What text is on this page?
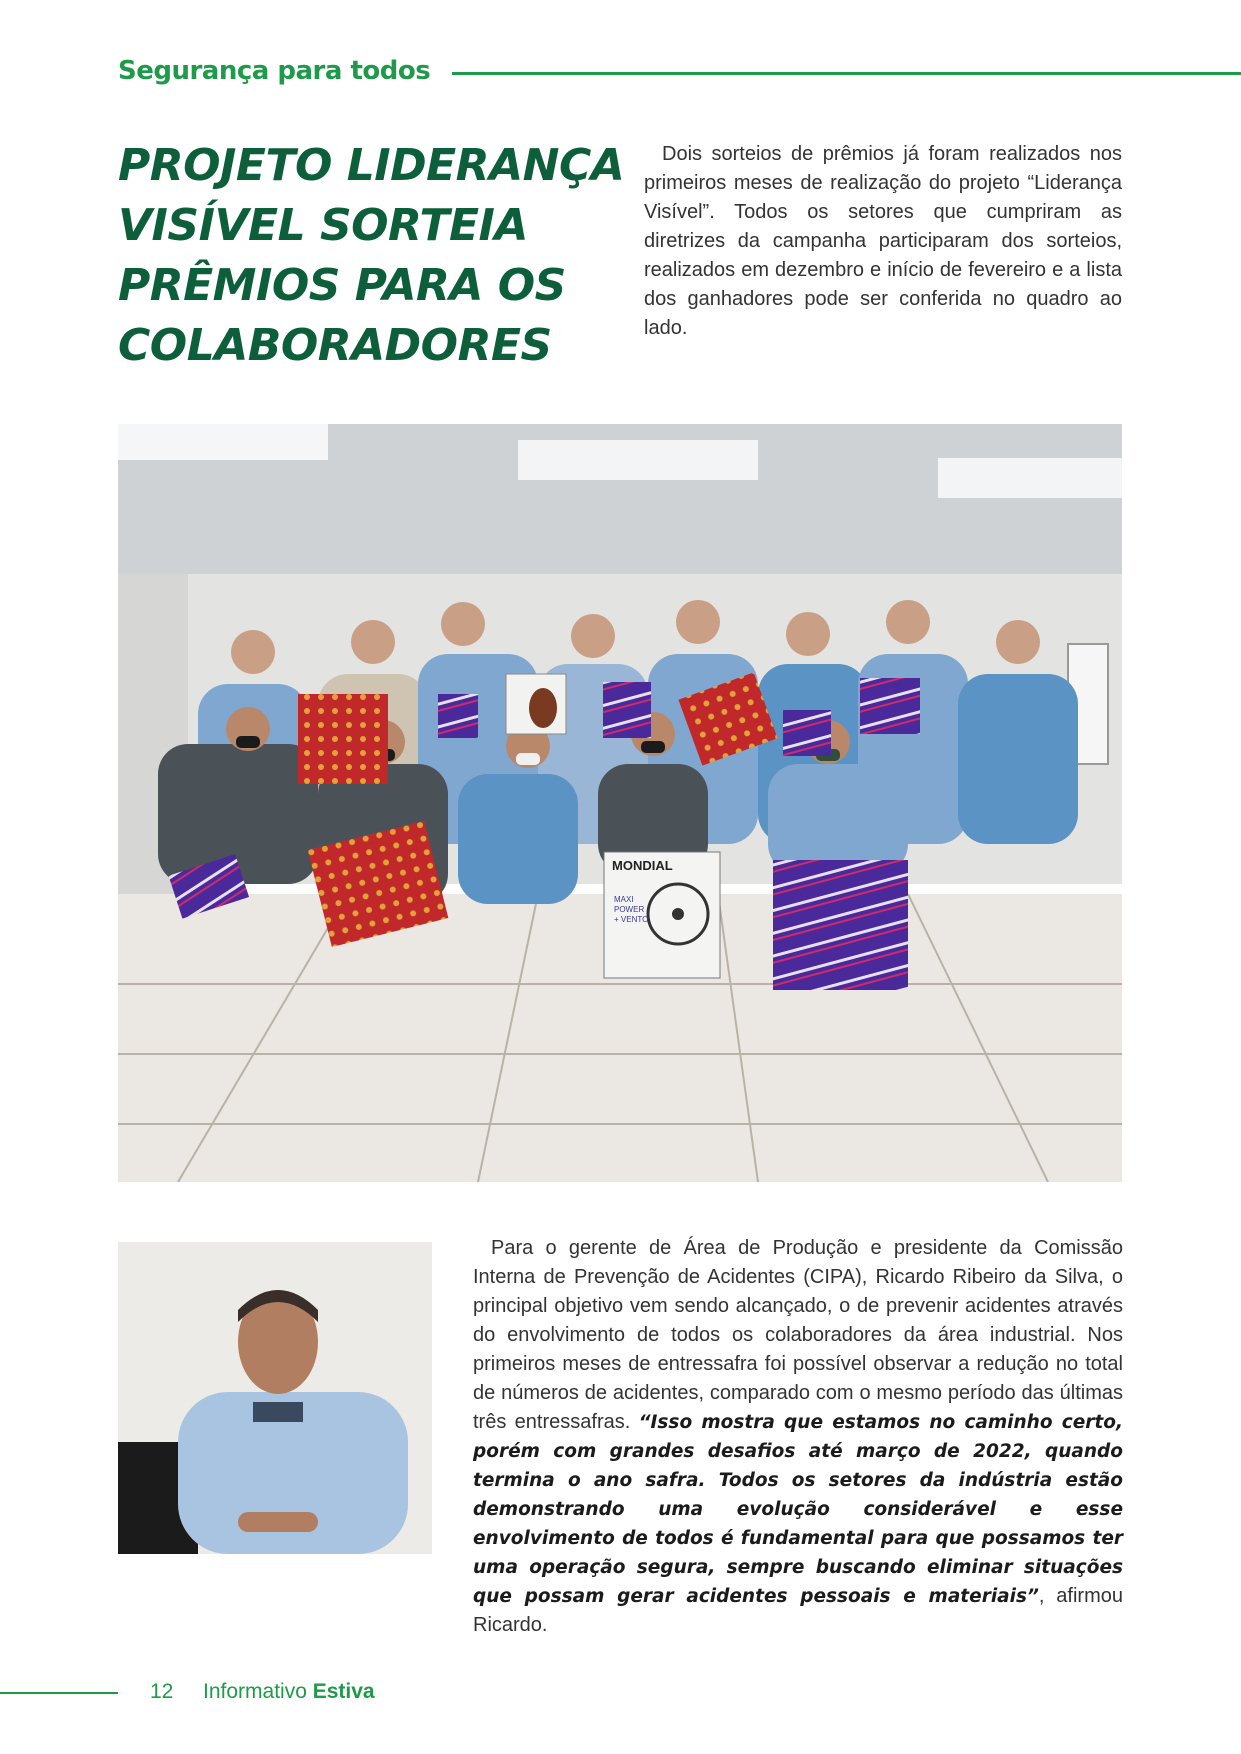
Segurança para todos
PROJETO LIDERANÇA
VISÍVEL SORTEIA
PRÊMIOS PARA OS
COLABORADORES

Dois sorteios de prêmios já foram realizados nos primeiros meses de realização do projeto “Liderança Visível”. Todos os setores que cumpriram as diretrizes da campanha participaram dos sorteios, realizados em dezembro e início de fevereiro e a lista dos ganhadores pode ser conferida no quadro ao lado.

MONDIAL
MAXI
POWER
+ VENTO

Para o gerente de Área de Produção e presidente da Comissão Interna de Prevenção de Acidentes (CIPA), Ricardo Ribeiro da Silva, o principal objetivo vem sendo alcançado, o de prevenir acidentes através do envolvimento de todos os colaboradores da área industrial. Nos primeiros meses de entressafra foi possível observar a redução no total de números de acidentes, comparado com o mesmo período das últimas três entressafras. “Isso mostra que estamos no caminho certo, porém com grandes desafios até março de 2022, quando termina o ano safra. Todos os setores da indústria estão demonstrando uma evolução considerável e esse envolvimento de todos é fundamental para que possamos ter uma operação segura, sempre buscando eliminar situações que possam gerar acidentes pessoais e materiais”, afirmou Ricardo.

12 Informativo Estiva
